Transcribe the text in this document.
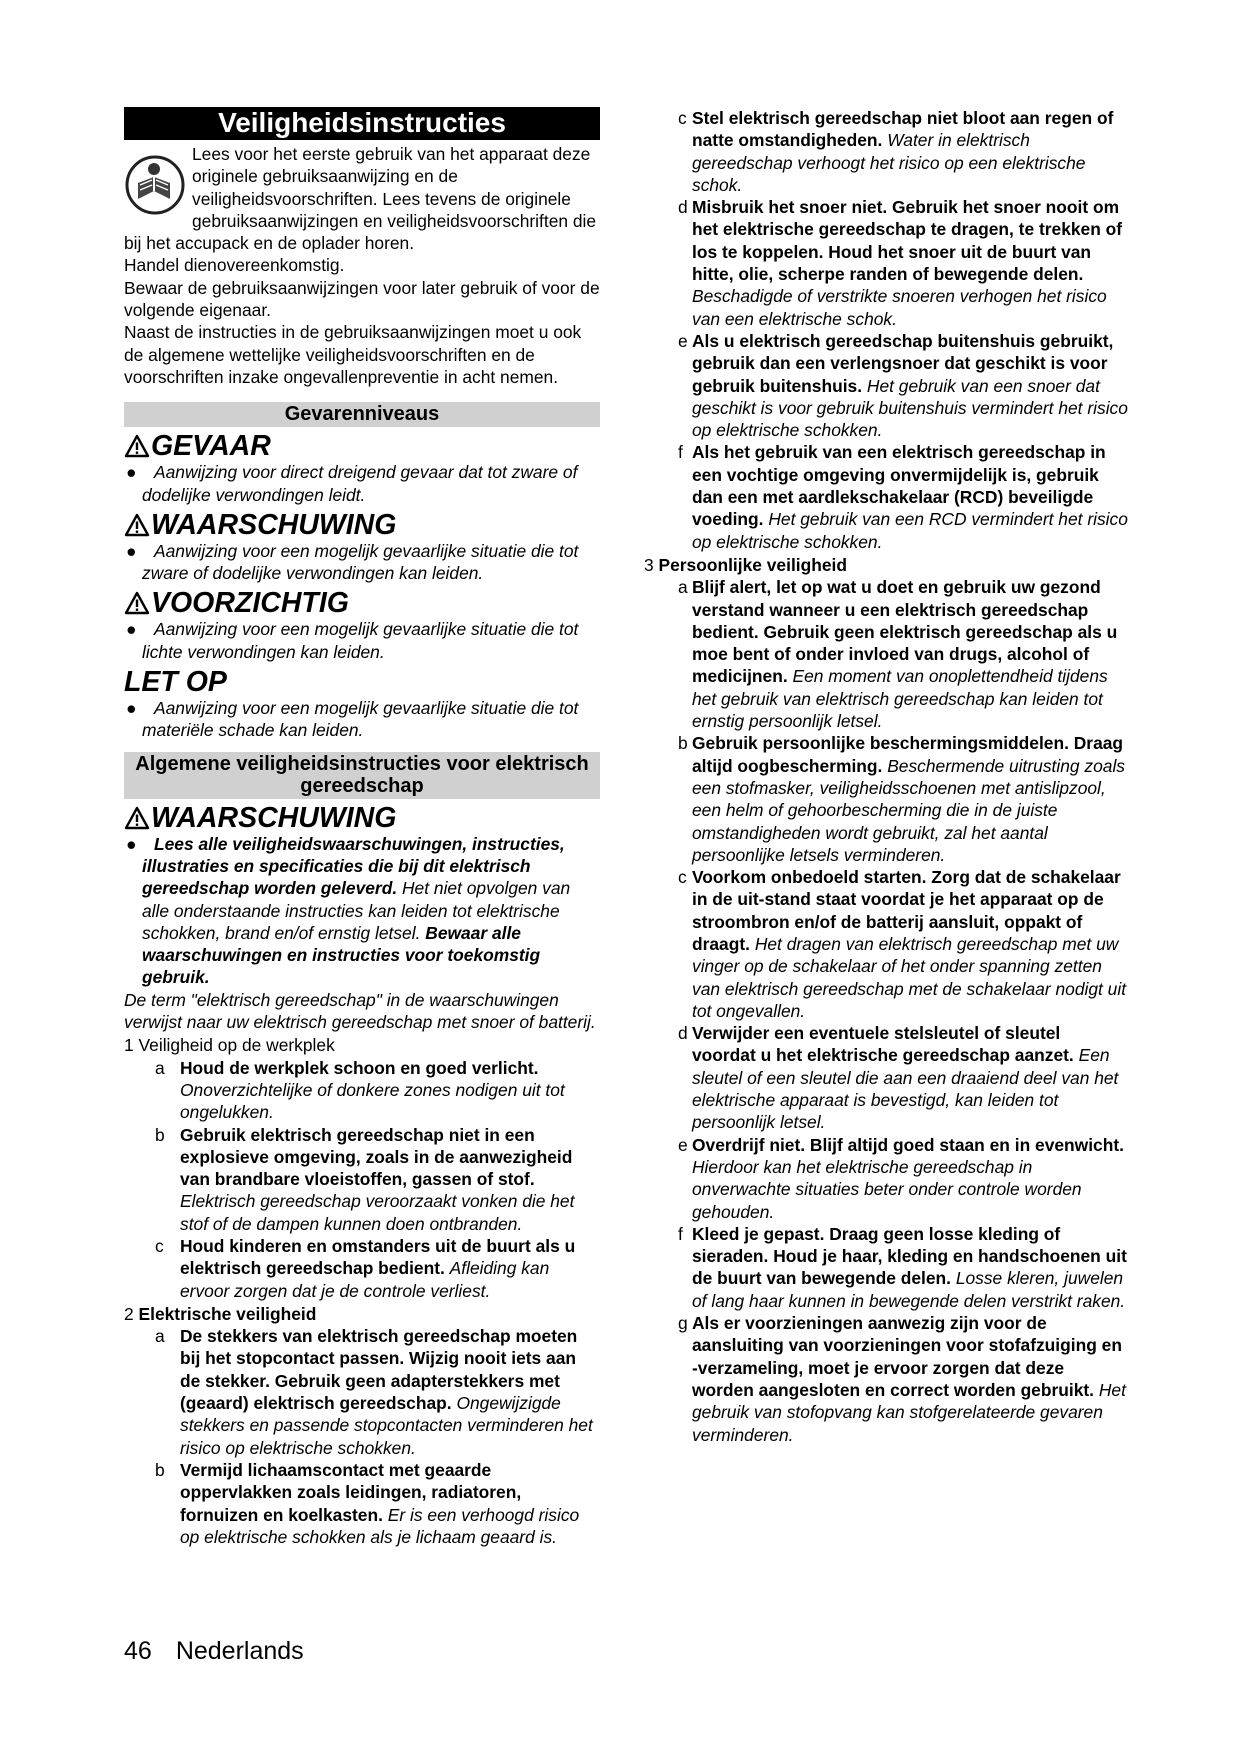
Veiligheidsinstructies

Lees voor het eerste gebruik van het apparaat deze originele gebruiksaanwijzing en de veiligheidsvoorschriften. Lees tevens de originele gebruiksaanwijzingen en veiligheidsvoorschriften die bij het accupack en de oplader horen.

Handel dienovereenkomstig.

Bewaar de gebruiksaanwijzingen voor later gebruik of voor de volgende eigenaar.

Naast de instructies in de gebruiksaanwijzingen moet u ook de algemene wettelijke veiligheidsvoorschriften en de voorschriften inzake ongevallenpreventie in acht nemen.

Gevarenniveaus
GEVAAR
●	Aanwijzing voor direct dreigend gevaar dat tot zware of dodelijke verwondingen leidt.
WAARSCHUWING
●	Aanwijzing voor een mogelijk gevaarlijke situatie die tot zware of dodelijke verwondingen kan leiden.
VOORZICHTIG
●	Aanwijzing voor een mogelijk gevaarlijke situatie die tot lichte verwondingen kan leiden.
LET OP
●	Aanwijzing voor een mogelijk gevaarlijke situatie die tot materiële schade kan leiden.
Algemene veiligheidsinstructies voor elektrisch gereedschap
WAARSCHUWING
●	Lees alle veiligheidswaarschuwingen, instructies, illustraties en specificaties die bij dit elektrisch gereedschap worden geleverd. Het niet opvolgen van alle onderstaande instructies kan leiden tot elektrische schokken, brand en/of ernstig letsel. Bewaar alle waarschuwingen en instructies voor toekomstig gebruik.

De term "elektrisch gereedschap" in de waarschuwingen verwijst naar uw elektrisch gereedschap met snoer of batterij.

1 Veiligheid op de werkplek
a Houd de werkplek schoon en goed verlicht. Onoverzichtelijke of donkere zones nodigen uit tot ongelukken.
b Gebruik elektrisch gereedschap niet in een explosieve omgeving, zoals in de aanwezigheid van brandbare vloeistoffen, gassen of stof. Elektrisch gereedschap veroorzaakt vonken die het stof of de dampen kunnen doen ontbranden.
c Houd kinderen en omstanders uit de buurt als u elektrisch gereedschap bedient. Afleiding kan ervoor zorgen dat je de controle verliest.
2 Elektrische veiligheid
a De stekkers van elektrisch gereedschap moeten bij het stopcontact passen. Wijzig nooit iets aan de stekker. Gebruik geen adapterstekkers met (geaard) elektrisch gereedschap. Ongewijzigde stekkers en passende stopcontacten verminderen het risico op elektrische schokken.
b Vermijd lichaamscontact met geaarde oppervlakken zoals leidingen, radiatoren, fornuizen en koelkasten. Er is een verhoogd risico op elektrische schokken als je lichaam geaard is.
c Stel elektrisch gereedschap niet bloot aan regen of natte omstandigheden. Water in elektrisch gereedschap verhoogt het risico op een elektrische schok.
d Misbruik het snoer niet. Gebruik het snoer nooit om het elektrische gereedschap te dragen, te trekken of los te koppelen. Houd het snoer uit de buurt van hitte, olie, scherpe randen of bewegende delen. Beschadigde of verstrikte snoeren verhogen het risico van een elektrische schok.
e Als u elektrisch gereedschap buitenshuis gebruikt, gebruik dan een verlengsnoer dat geschikt is voor gebruik buitenshuis. Het gebruik van een snoer dat geschikt is voor gebruik buitenshuis vermindert het risico op elektrische schokken.
f Als het gebruik van een elektrisch gereedschap in een vochtige omgeving onvermijdelijk is, gebruik dan een met aardlekschakelaar (RCD) beveiligde voeding. Het gebruik van een RCD vermindert het risico op elektrische schokken.
3 Persoonlijke veiligheid
a Blijf alert, let op wat u doet en gebruik uw gezond verstand wanneer u een elektrisch gereedschap bedient. Gebruik geen elektrisch gereedschap als u moe bent of onder invloed van drugs, alcohol of medicijnen. Een moment van onoplettendheid tijdens het gebruik van elektrisch gereedschap kan leiden tot ernstig persoonlijk letsel.
b Gebruik persoonlijke beschermingsmiddelen. Draag altijd oogbescherming. Beschermende uitrusting zoals een stofmasker, veiligheidsschoenen met antislipzool, een helm of gehoorbescherming die in de juiste omstandigheden wordt gebruikt, zal het aantal persoonlijke letsels verminderen.
c Voorkom onbedoeld starten. Zorg dat de schakelaar in de uit-stand staat voordat je het apparaat op de stroombron en/of de batterij aansluit, oppakt of draagt. Het dragen van elektrisch gereedschap met uw vinger op de schakelaar of het onder spanning zetten van elektrisch gereedschap met de schakelaar nodigt uit tot ongevallen.
d Verwijder een eventuele stelsleutel of sleutel voordat u het elektrische gereedschap aanzet. Een sleutel of een sleutel die aan een draaiend deel van het elektrische apparaat is bevestigd, kan leiden tot persoonlijk letsel.
e Overdrijf niet. Blijf altijd goed staan en in evenwicht. Hierdoor kan het elektrische gereedschap in onverwachte situaties beter onder controle worden gehouden.
f Kleed je gepast. Draag geen losse kleding of sieraden. Houd je haar, kleding en handschoenen uit de buurt van bewegende delen. Losse kleren, juwelen of lang haar kunnen in bewegende delen verstrikt raken.
g Als er voorzieningen aanwezig zijn voor de aansluiting van voorzieningen voor stofafzuiging en -verzameling, moet je ervoor zorgen dat deze worden aangesloten en correct worden gebruikt. Het gebruik van stofopvang kan stofgerelateerde gevaren verminderen.
46 Nederlands
